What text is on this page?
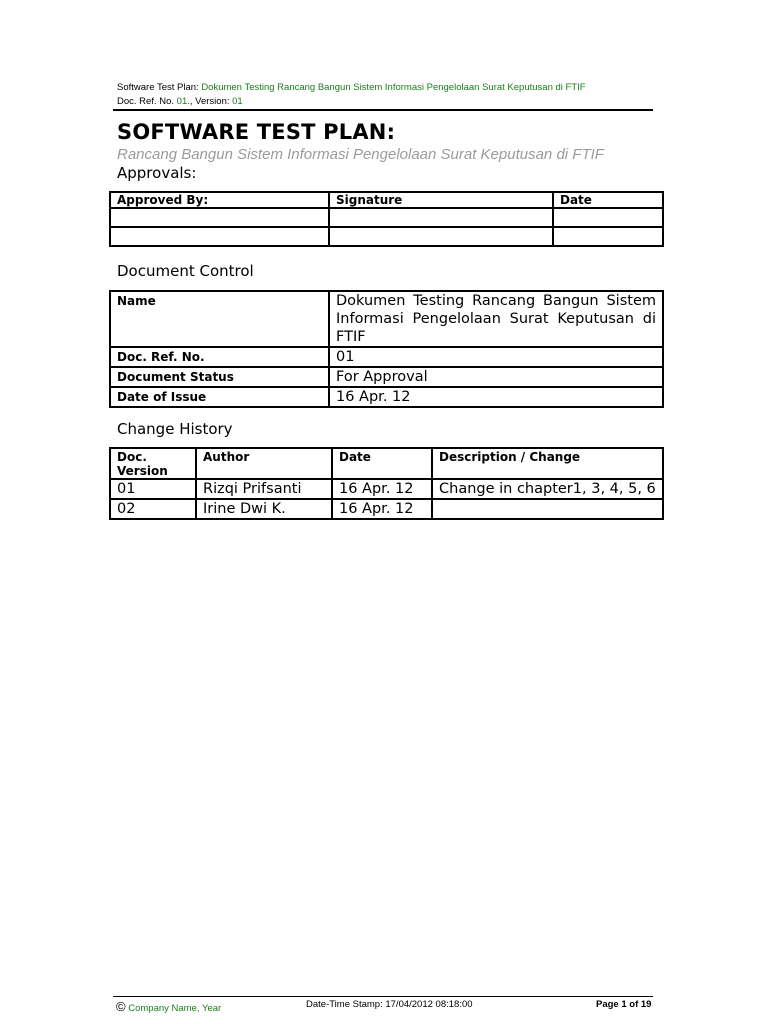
Software Test Plan: Dokumen Testing Rancang Bangun Sistem Informasi Pengelolaan Surat Keputusan di FTIF
Doc. Ref. No. 01., Version: 01
SOFTWARE TEST PLAN:
Rancang Bangun Sistem Informasi Pengelolaan Surat Keputusan di FTIF
Approvals:
Approved By:	Signature	Date

Document Control
Name	Dokumen Testing Rancang Bangun Sistem Informasi Pengelolaan Surat Keputusan di FTIF
Doc. Ref. No.	01
Document Status	For Approval
Date of Issue	16 Apr. 12
Change History
Doc. Version	Author	Date	Description / Change
01	Rizqi Prifsanti	16 Apr. 12	Change in chapter1, 3, 4, 5, 6
02	Irine Dwi K.	16 Apr. 12	
© Company Name, Year	Date-Time Stamp: 17/04/2012 08:18:00	Page 1 of 19
